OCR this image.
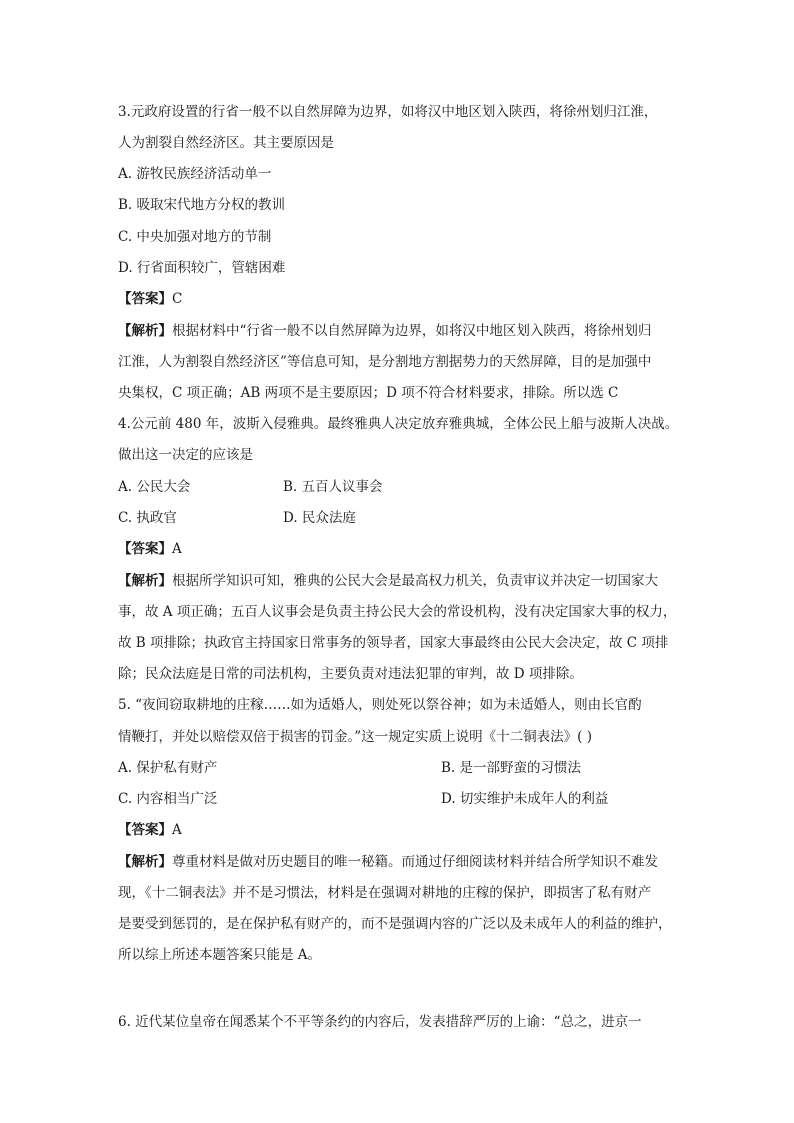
3.元政府设置的行省一般不以自然屏障为边界，如将汉中地区划入陕西，将徐州划归江淮，
人为割裂自然经济区。其主要原因是
A. 游牧民族经济活动单一
B. 吸取宋代地方分权的教训
C. 中央加强对地方的节制
D. 行省面积较广，管辖困难
【答案】C
【解析】根据材料中“行省一般不以自然屏障为边界，如将汉中地区划入陕西，将徐州划归
江淮，人为割裂自然经济区”等信息可知，是分割地方割据势力的天然屏障，目的是加强中
央集权，C 项正确；AB 两项不是主要原因；D 项不符合材料要求，排除。所以选 C
4.公元前 480 年，波斯入侵雅典。最终雅典人决定放弃雅典城，全体公民上船与波斯人决战。
做出这一决定的应该是
A. 公民大会	B. 五百人议事会
C. 执政官	D. 民众法庭
【答案】A
【解析】根据所学知识可知，雅典的公民大会是最高权力机关，负责审议并决定一切国家大
事，故 A 项正确；五百人议事会是负责主持公民大会的常设机构，没有决定国家大事的权力，
故 B 项排除；执政官主持国家日常事务的领导者，国家大事最终由公民大会决定，故 C 项排
除；民众法庭是日常的司法机构，主要负责对违法犯罪的审判，故 D 项排除。
5. “夜间窃取耕地的庄稼……如为适婚人，则处死以祭谷神；如为未适婚人，则由长官酌
情鞭打，并处以赔偿双倍于损害的罚金。”这一规定实质上说明《十二铜表法》( )
A. 保护私有财产	B. 是一部野蛮的习惯法
C. 内容相当广泛	D. 切实维护未成年人的利益
【答案】A
【解析】尊重材料是做对历史题目的唯一秘籍。而通过仔细阅读材料并结合所学知识不难发
现，《十二铜表法》并不是习惯法，材料是在强调对耕地的庄稼的保护，即损害了私有财产
是要受到惩罚的，是在保护私有财产的，而不是强调内容的广泛以及未成年人的利益的维护，
所以综上所述本题答案只能是 A。
6. 近代某位皇帝在闻悉某个不平等条约的内容后，发表措辞严厉的上谕：“总之，进京一
